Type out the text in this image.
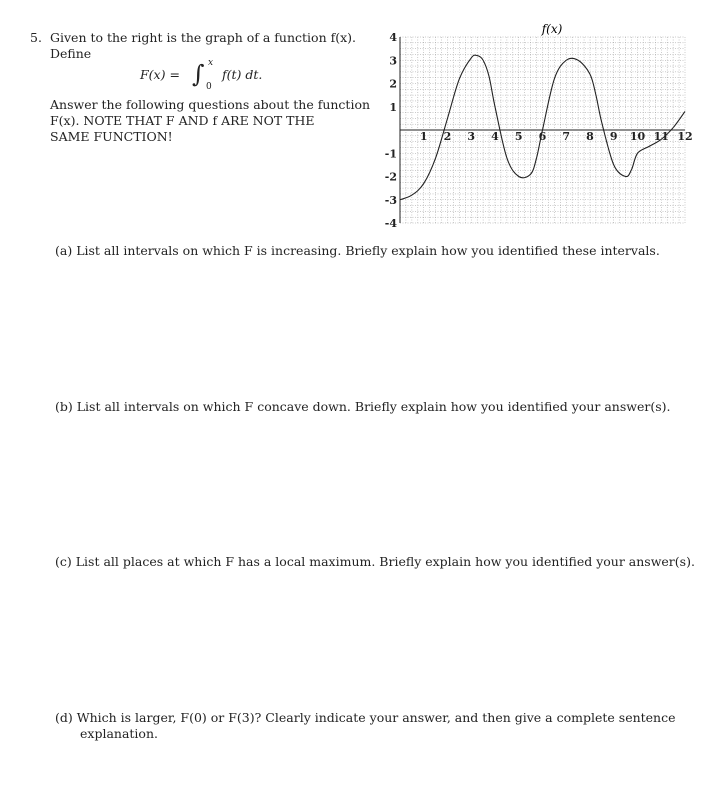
5. Given to the right is the graph of a function f(x).
Define
F(x) = ∫ x
0
f(t) dt.
Answer the following questions about the function
F(x). NOTE THAT F AND f ARE NOT THE
SAME FUNCTION!	1 2 3 4 5 6 7 8 9 10 11 12
4
3
2
1
-1
-2
-3
-4
f(x)
(a) List all intervals on which F is increasing. Briefly explain how you identified these intervals.
(b) List all intervals on which F concave down. Briefly explain how you identified your answer(s).
(c) List all places at which F has a local maximum. Briefly explain how you identified your answer(s).
(d) Which is larger, F(0) or F(3)? Clearly indicate your answer, and then give a complete sentence
explanation.
